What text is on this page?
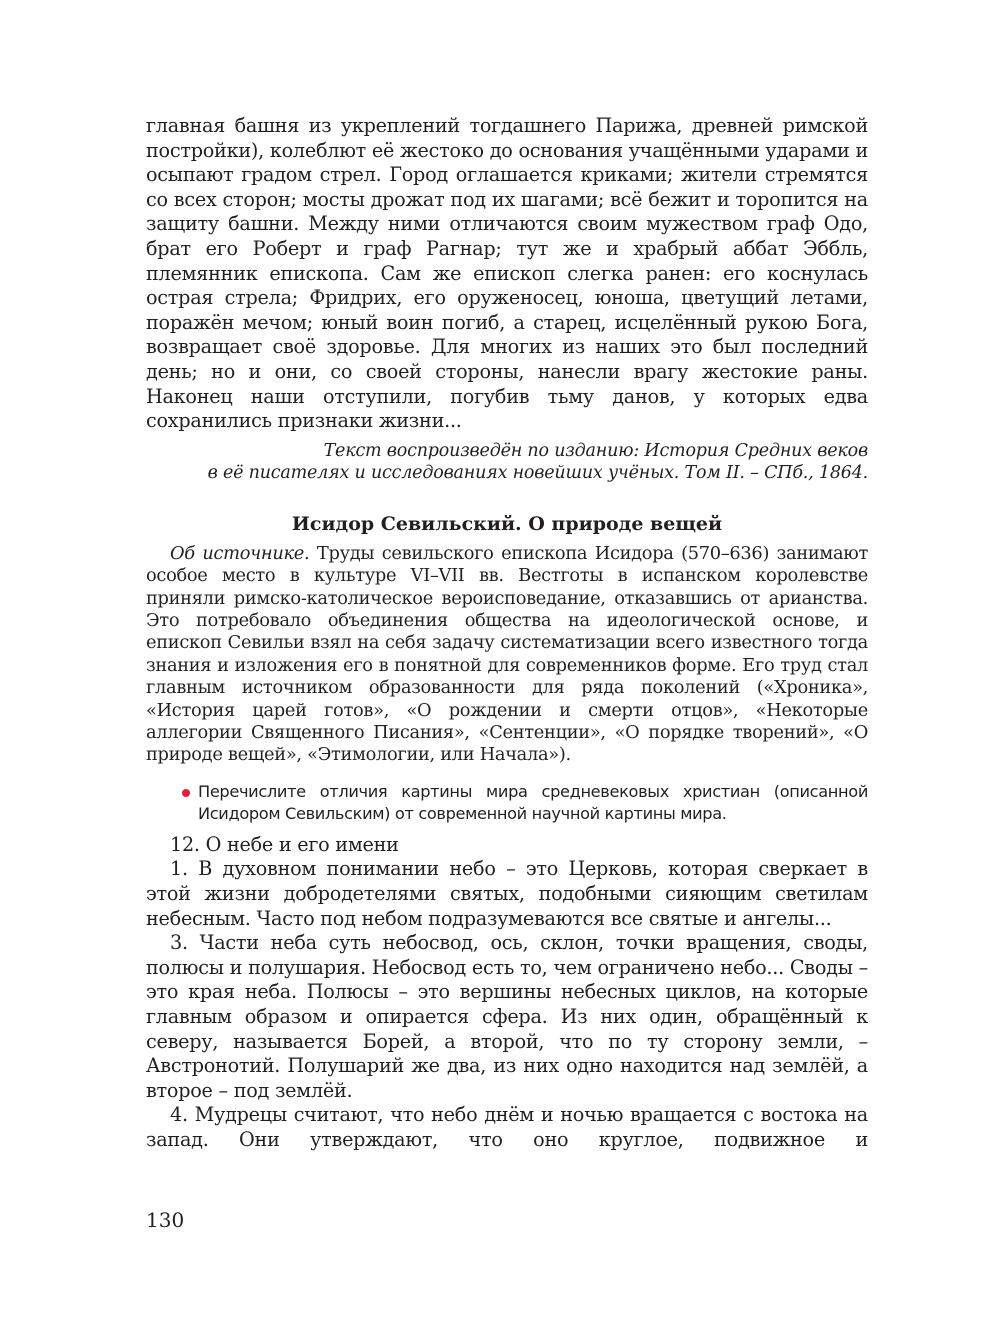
главная башня из укреплений тогдашнего Парижа, древней римской постройки), колеблют её жестоко до основания учащёнными ударами и осыпают градом стрел. Город оглашается криками; жители стремятся со всех сторон; мосты дрожат под их шагами; всё бежит и торопится на защиту башни. Между ними отличаются своим мужеством граф Одо, брат его Роберт и граф Рагнар; тут же и храбрый аббат Эббль, племянник епископа. Сам же епископ слегка ранен: его коснулась острая стрела; Фридрих, его оруженосец, юноша, цветущий летами, поражён мечом; юный воин погиб, а старец, исцелённый рукою Бога, возвращает своё здоровье. Для многих из наших это был последний день; но и они, со своей стороны, нанесли врагу жестокие раны. Наконец наши отступили, погубив тьму данов, у которых едва сохранились признаки жизни...

Текст воспроизведён по изданию: История Средних веков
в её писателях и исследованиях новейших учёных. Том II. – СПб., 1864.
Исидор Севильский. О природе вещей

Об источнике. Труды севильского епископа Исидора (570–636) занимают особое место в культуре VI–VII вв. Вестготы в испанском королевстве приняли римско-католическое вероисповедание, отказавшись от арианства. Это потребовало объединения общества на идеологической основе, и епископ Севильи взял на себя задачу систематизации всего известного тогда знания и изложения его в понятной для современников форме. Его труд стал главным источником образованности для ряда поколений («Хроника», «История царей готов», «О рождении и смерти отцов», «Некоторые аллегории Священного Писания», «Сентенции», «О порядке творений», «О природе вещей», «Этимологии, или Начала»).

Перечислите отличия картины мира средневековых христиан (описанной Исидором Севильским) от современной научной картины мира.

12. О небе и его имени

1. В духовном понимании небо – это Церковь, которая сверкает в этой жизни добродетелями святых, подобными сияющим светилам небесным. Часто под небом подразумеваются все святые и ангелы...

3. Части неба суть небосвод, ось, склон, точки вращения, своды, полюсы и полушария. Небосвод есть то, чем ограничено небо... Своды – это края неба. Полюсы – это вершины небесных циклов, на которые главным образом и опирается сфера. Из них один, обращённый к северу, называется Борей, а второй, что по ту сторону земли, – Австронотий. Полушарий же два, из них одно находится над землёй, а второе – под землёй.

4. Мудрецы считают, что небо днём и ночью вращается с востока на запад. Они утверждают, что оно круглое, подвижное и

130
